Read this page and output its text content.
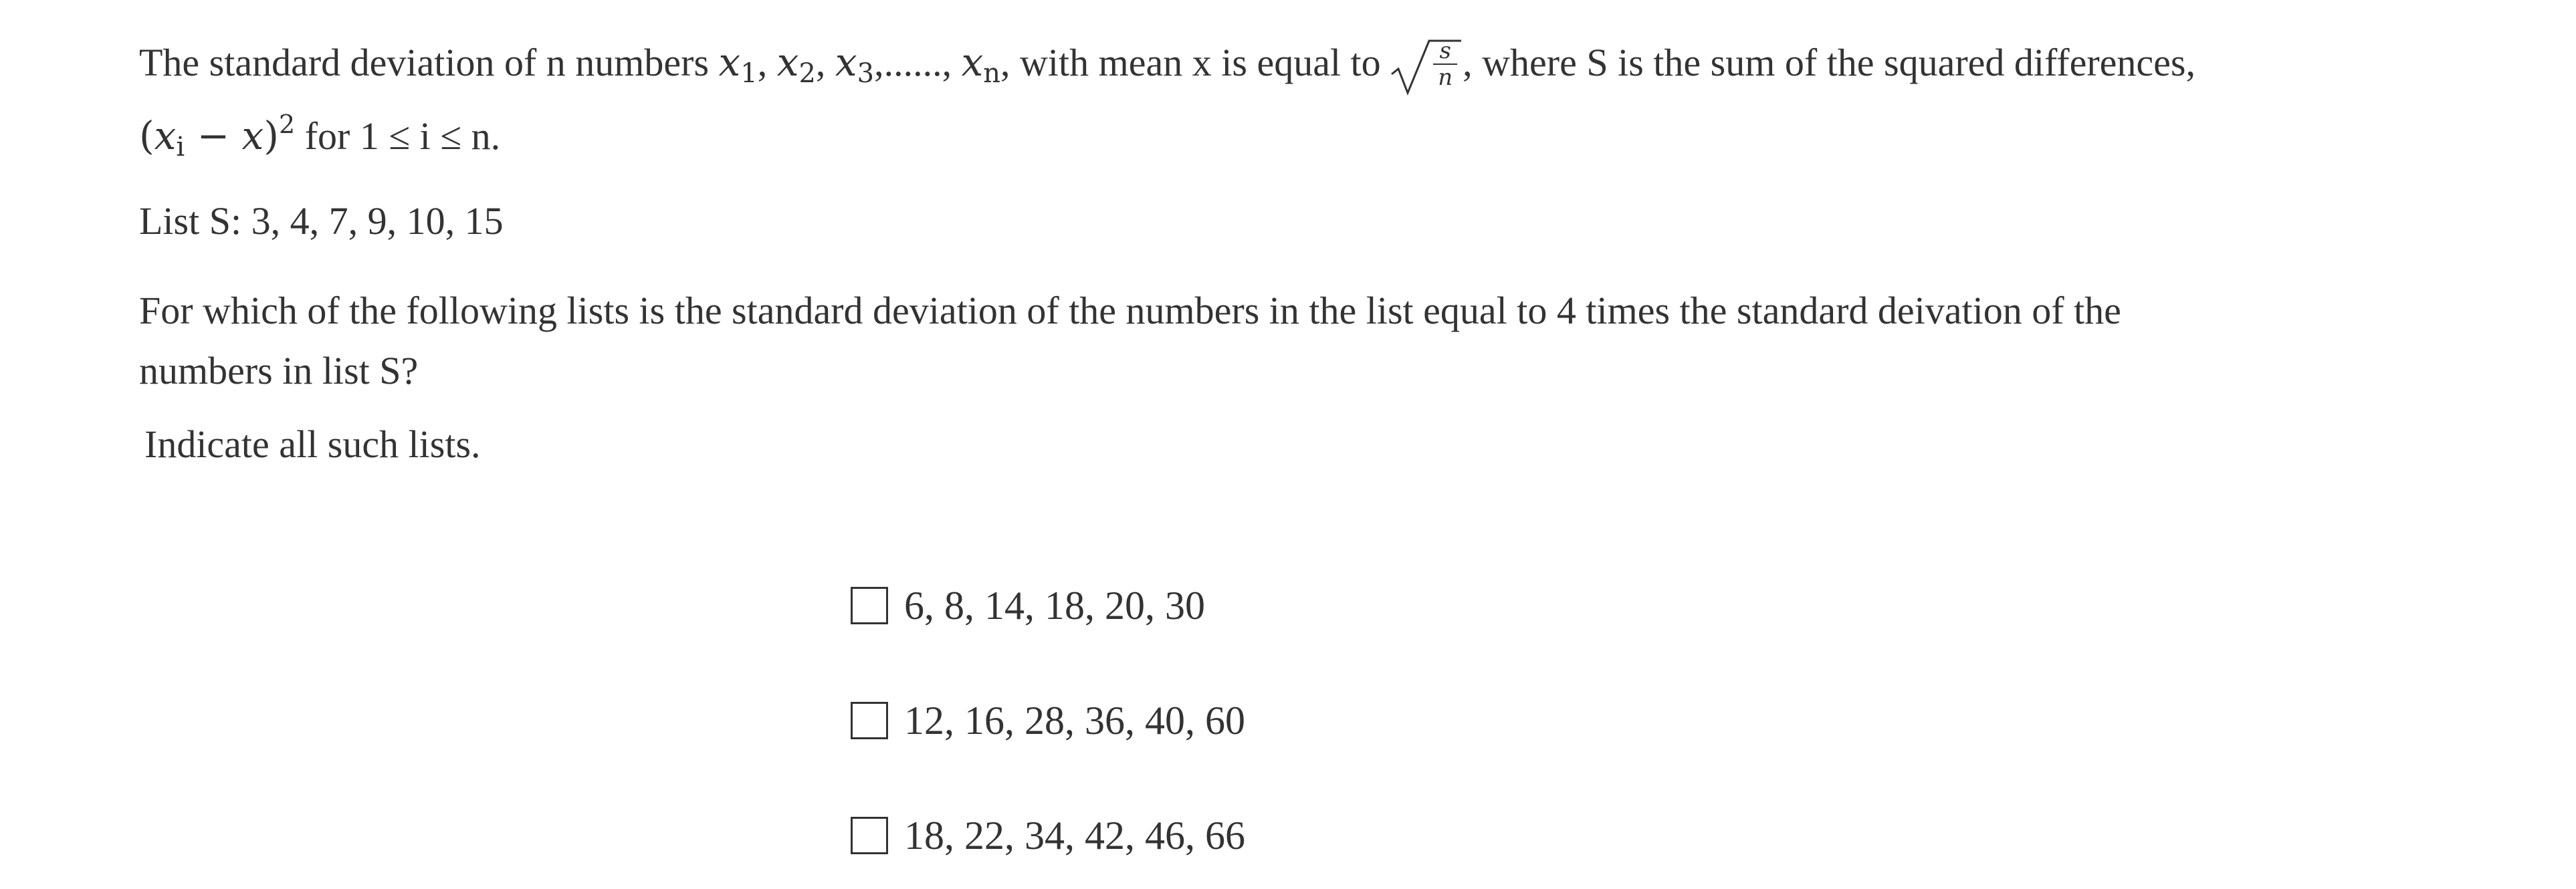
The standard deviation of n numbers $x_1$, $x_2$, $x_3$,......, $x_n$, with mean x is equal to $\frac{s}{n}$ , where S is the sum of the squared differences,
$(x_i - x)^2$ for 1 ≤ i ≤ n.
List S: 3, 4, 7, 9, 10, 15
For which of the following lists is the standard deviation of the numbers in the list equal to 4 times the standard deivation of the
numbers in list S?
Indicate all such lists.
6, 8, 14, 18, 20, 30
12, 16, 28, 36, 40, 60
18, 22, 34, 42, 46, 66
